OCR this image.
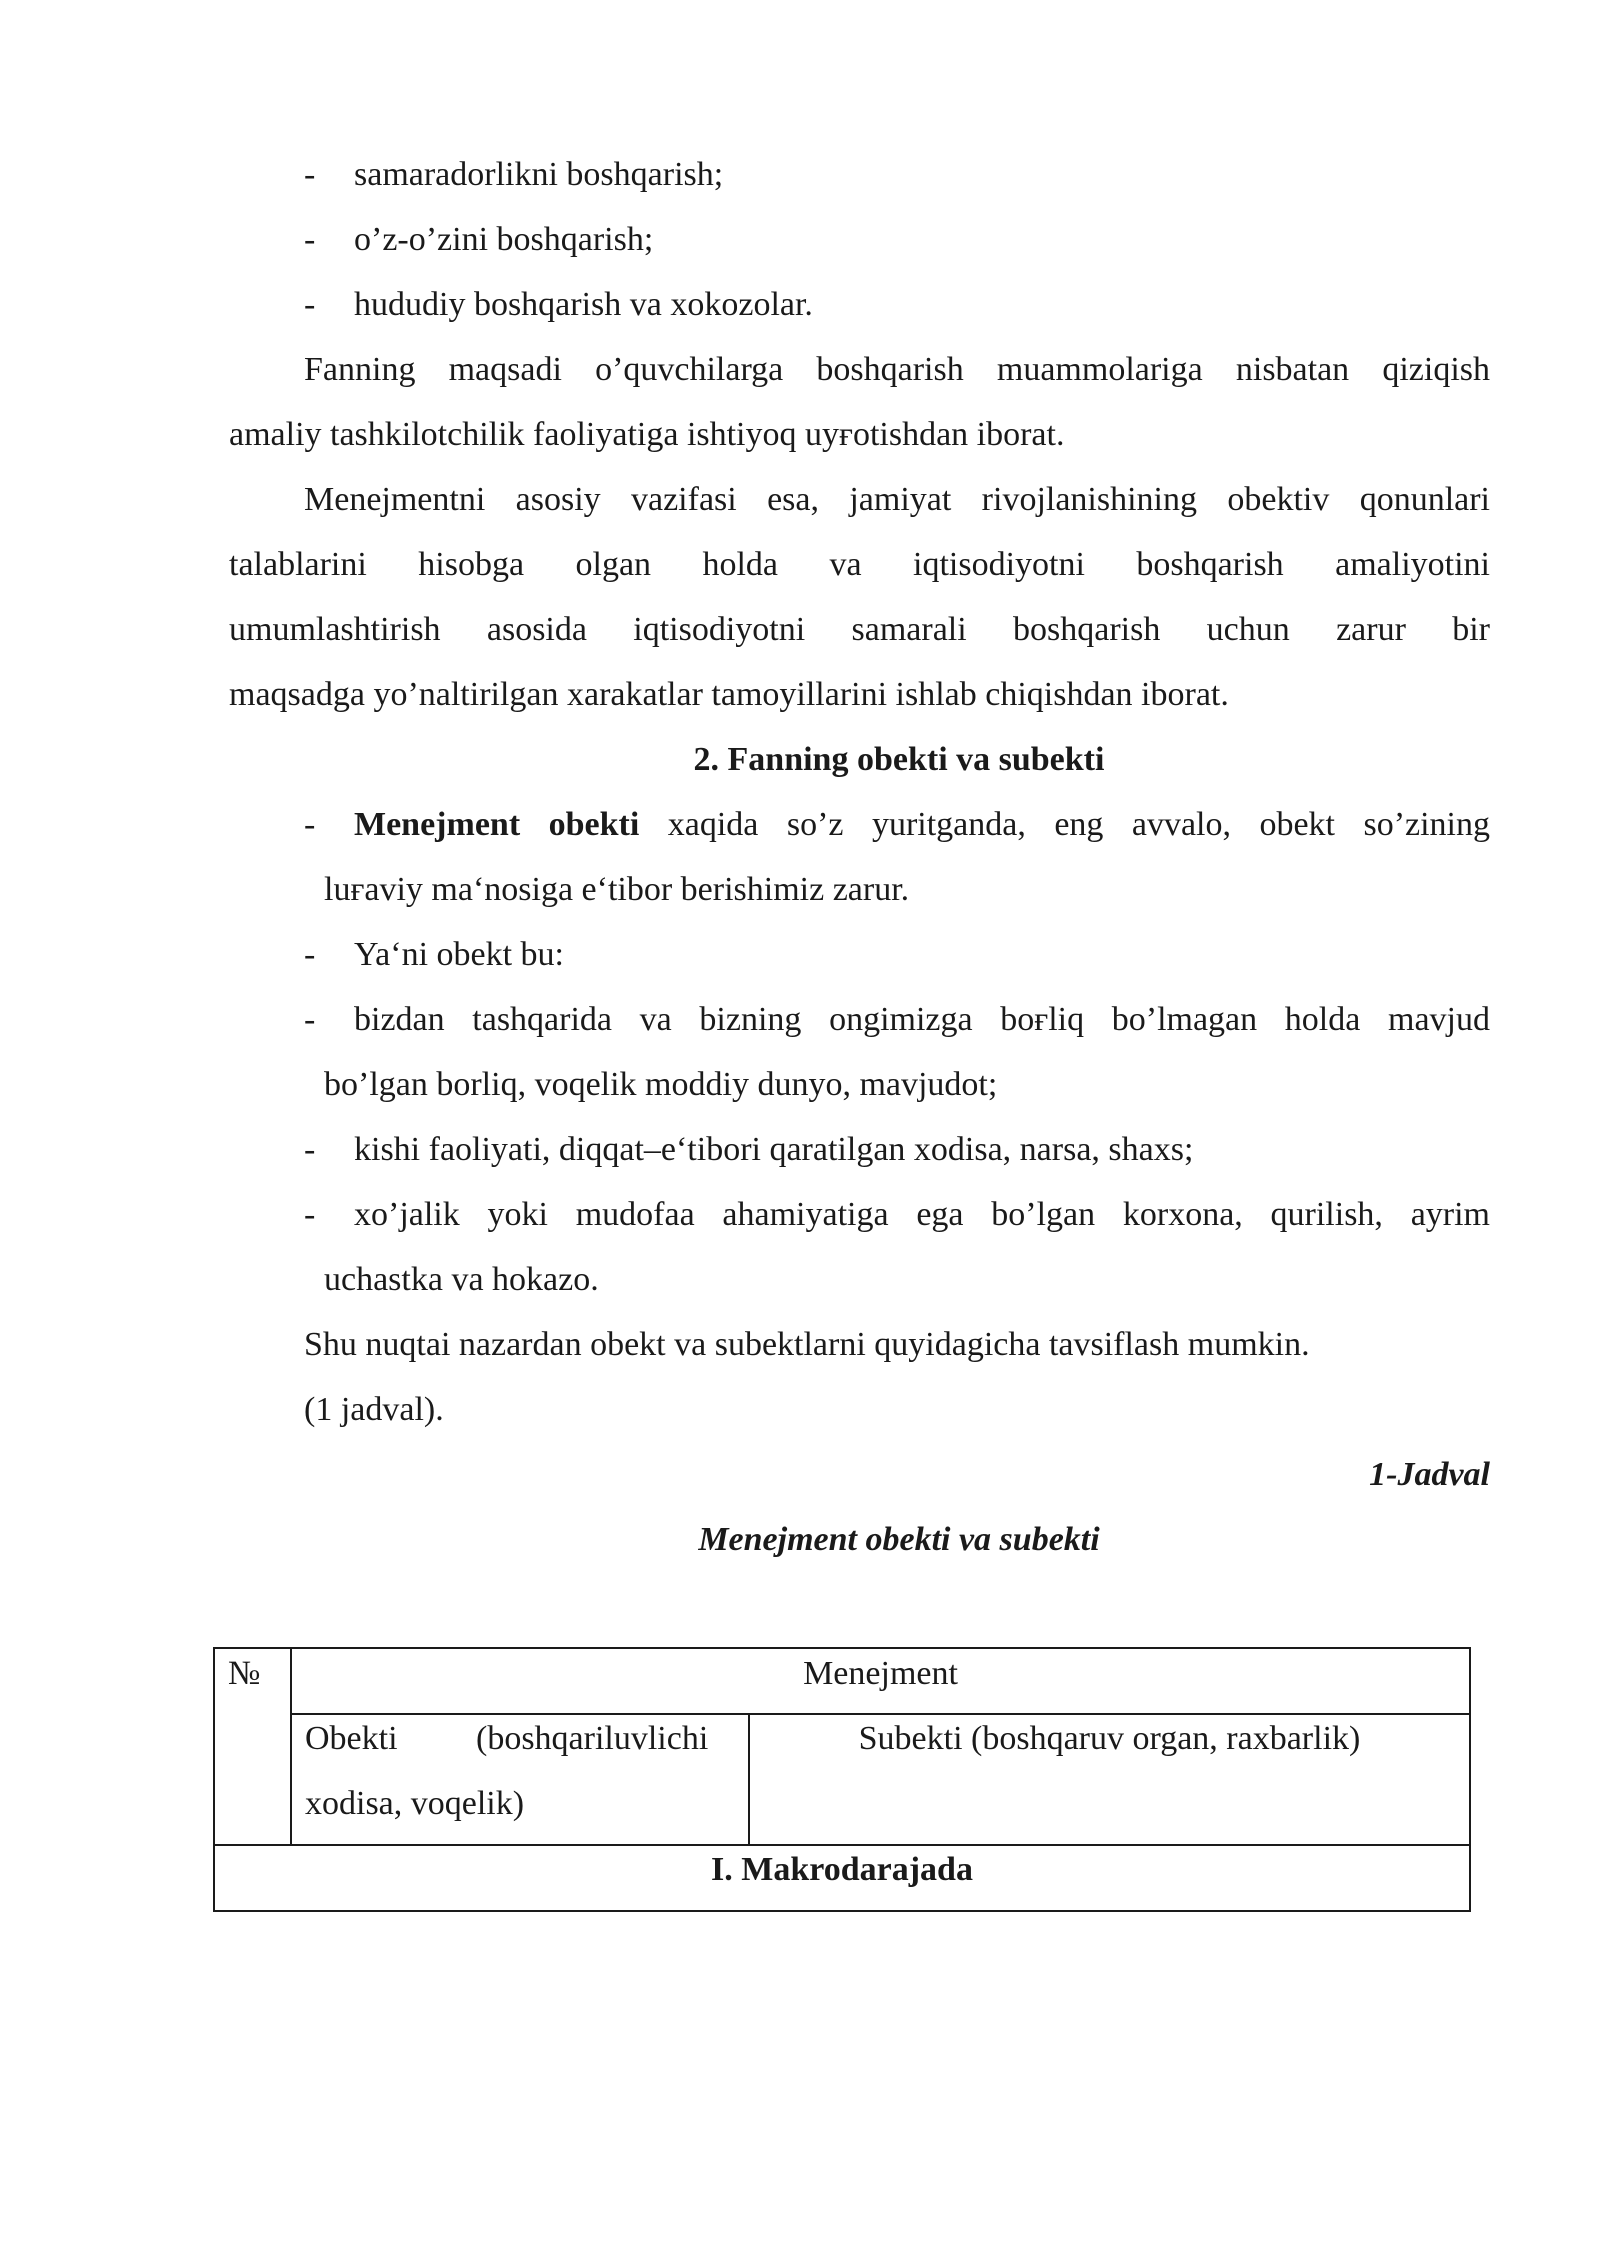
- samaradorlikni boshqarish;
- o’z-o’zini boshqarish;
- hududiy boshqarish va xokozolar.
Fanning maqsadi o’quvchilarga boshqarish muammolariga nisbatan qiziqish
amaliy tashkilotchilik faoliyatiga ishtiyoq uyғotishdan iborat.
Menejmentni asosiy vazifasi esa, jamiyat rivojlanishining obektiv qonunlari
talablarini hisobga olgan holda va iqtisodiyotni boshqarish amaliyotini
umumlashtirish asosida iqtisodiyotni samarali boshqarish uchun zarur bir
maqsadga yo’naltirilgan xarakatlar tamoyillarini ishlab chiqishdan iborat.
2. Fanning obekti va subekti
- Menejment obekti xaqida so’z yuritganda, eng avvalo, obekt so’zining
luғaviy ma‘nosiga e‘tibor berishimiz zarur.
- Ya‘ni obekt bu:
- bizdan tashqarida va bizning ongimizga boғliq bo’lmagan holda mavjud
bo’lgan borliq, voqelik moddiy dunyo, mavjudot;
- kishi faoliyati, diqqat–e‘tibori qaratilgan xodisa, narsa, shaxs;
- xo’jalik yoki mudofaa ahamiyatiga ega bo’lgan korxona, qurilish, ayrim
uchastka va hokazo.
Shu nuqtai nazardan obekt va subektlarni quyidagicha tavsiflash mumkin.
(1 jadval).
1-Jadval
Menejment obekti va subekti
№	Menejment
Obekti (boshqariluvlichi
xodisa, voqelik)
Subekti (boshqaruv organ, raxbarlik)
I. Makrodarajada
